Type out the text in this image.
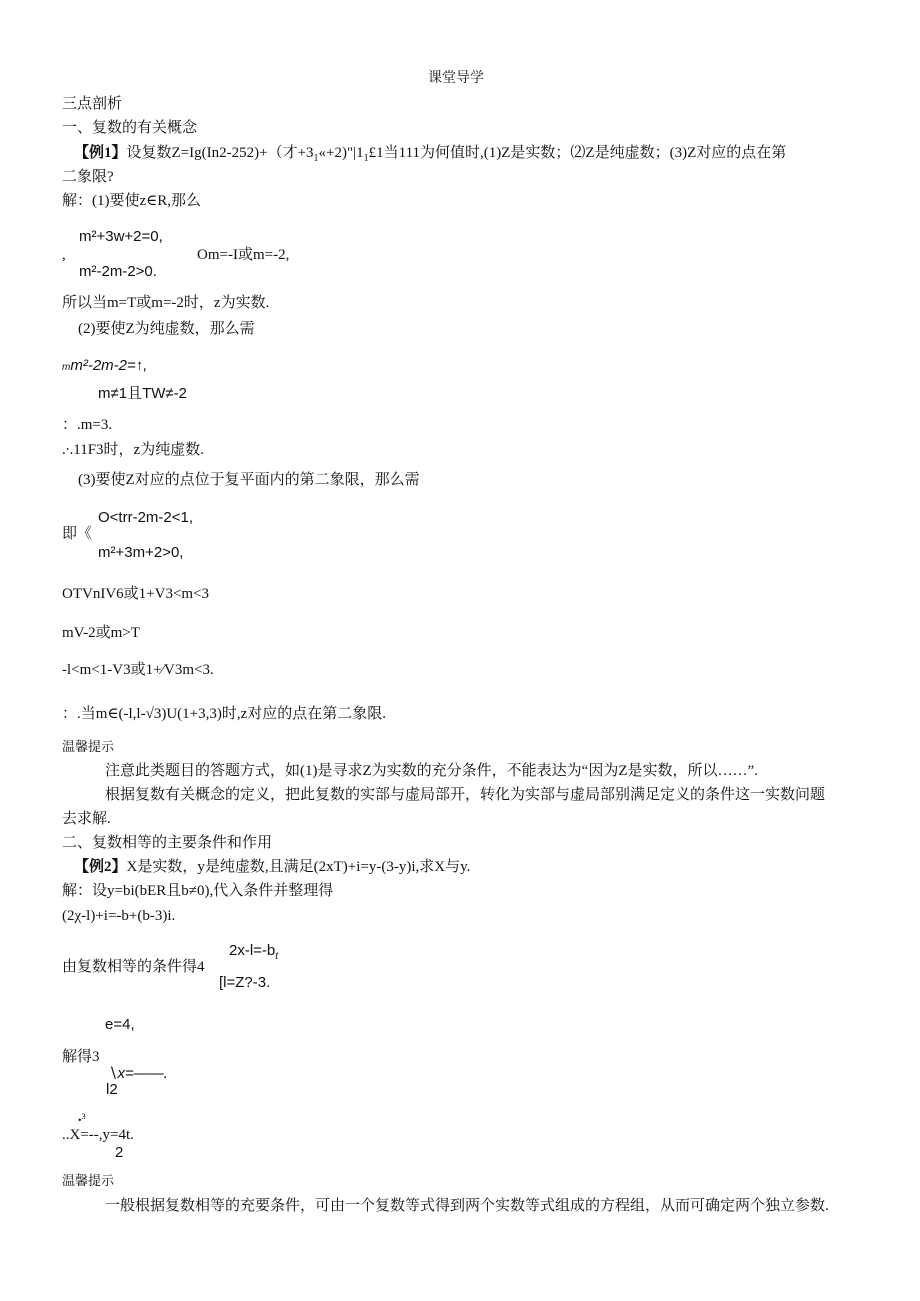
课堂导学
三点剖析
一、复数的有关概念
【例1】设复数Z=Ig(In2-252)+（才$+3_1«+2)"|1_1£1$当111为何值时,(1)Z是实数；⑵Z是纯虚数；(3)Z对应的点在第
二象限?
解：(1)要使z∈R,那么
m²+3w+2=0,
,	Om=-I或m=-2,
m²-2m-2>0.
所以当m=T或m=-2时，z为实数.
(2)要使Z为纯虚数，那么需
mm²-2m-2=↑,
m≠1且TW≠-2
：.m=3.
.∙.11F3时，z为纯虚数.
(3)要使Z对应的点位于复平面内的第二象限，那么需
O<trr-2m-2<1,
即《
m²+3m+2>0,
OTVnIV6或1+V3<m<3
mV-2或m>T
-l<m<1-V3或1+∕V3m<3.
：.当m∈(-l,l-√3)U(1+3,3)时,z对应的点在第二象限.
温馨提示
注意此类题目的答题方式，如(1)是寻求Z为实数的充分条件，不能表达为“因为Z是实数，所以……”.
根据复数有关概念的定义，把此复数的实部与虚局部开，转化为实部与虚局部别满足定义的条件这一实数问题
去求解.
二、复数相等的主要条件和作用
【例2】X是实数，y是纯虚数,且满足(2xT)+i=y-(3-y)i,求X与y.
解：设y=bi(bER且b≠0),代入条件并整理得
(2χ-l)+i=-b+(b-3)i.
$2x-l=-b_t$
由复数相等的条件得4
[l=Z?-3.
e=4,
解得3
∖x=——.
l2
•$^3$
..X=--,y=4t.
2
温馨提示
一般根据复数相等的充要条件，可由一个复数等式得到两个实数等式组成的方程组，从而可确定两个独立参数.
